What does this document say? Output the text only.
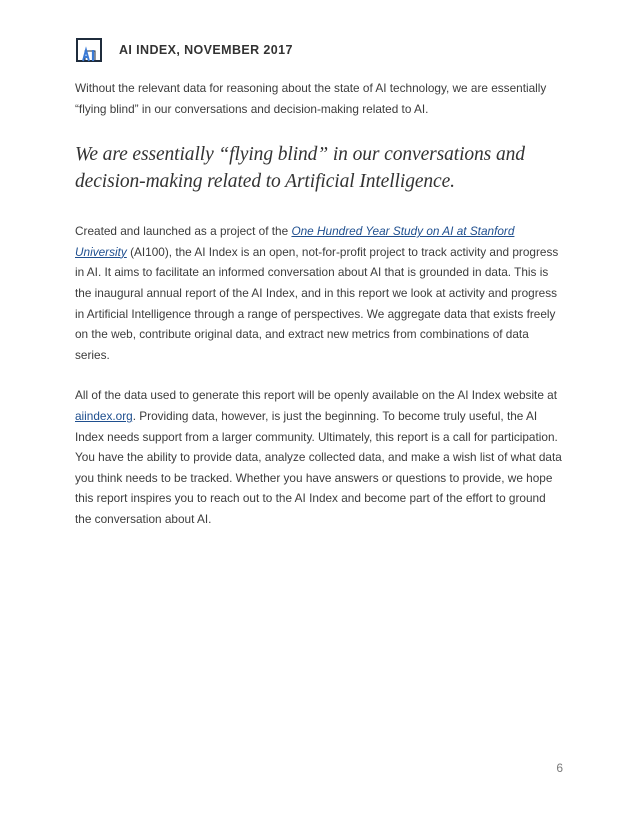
AI INDEX, NOVEMBER 2017

Without the relevant data for reasoning about the state of AI technology, we are essentially “flying blind” in our conversations and decision-making related to AI.

We are essentially “flying blind” in our conversations and decision-making related to Artificial Intelligence.

Created and launched as a project of the One Hundred Year Study on AI at Stanford University (AI100), the AI Index is an open, not-for-profit project to track activity and progress in AI. It aims to facilitate an informed conversation about AI that is grounded in data. This is the inaugural annual report of the AI Index, and in this report we look at activity and progress in Artificial Intelligence through a range of perspectives. We aggregate data that exists freely on the web, contribute original data, and extract new metrics from combinations of data series.

All of the data used to generate this report will be openly available on the AI Index website at aiindex.org. Providing data, however, is just the beginning. To become truly useful, the AI Index needs support from a larger community. Ultimately, this report is a call for participation. You have the ability to provide data, analyze collected data, and make a wish list of what data you think needs to be tracked. Whether you have answers or questions to provide, we hope this report inspires you to reach out to the AI Index and become part of the effort to ground the conversation about AI.

6
